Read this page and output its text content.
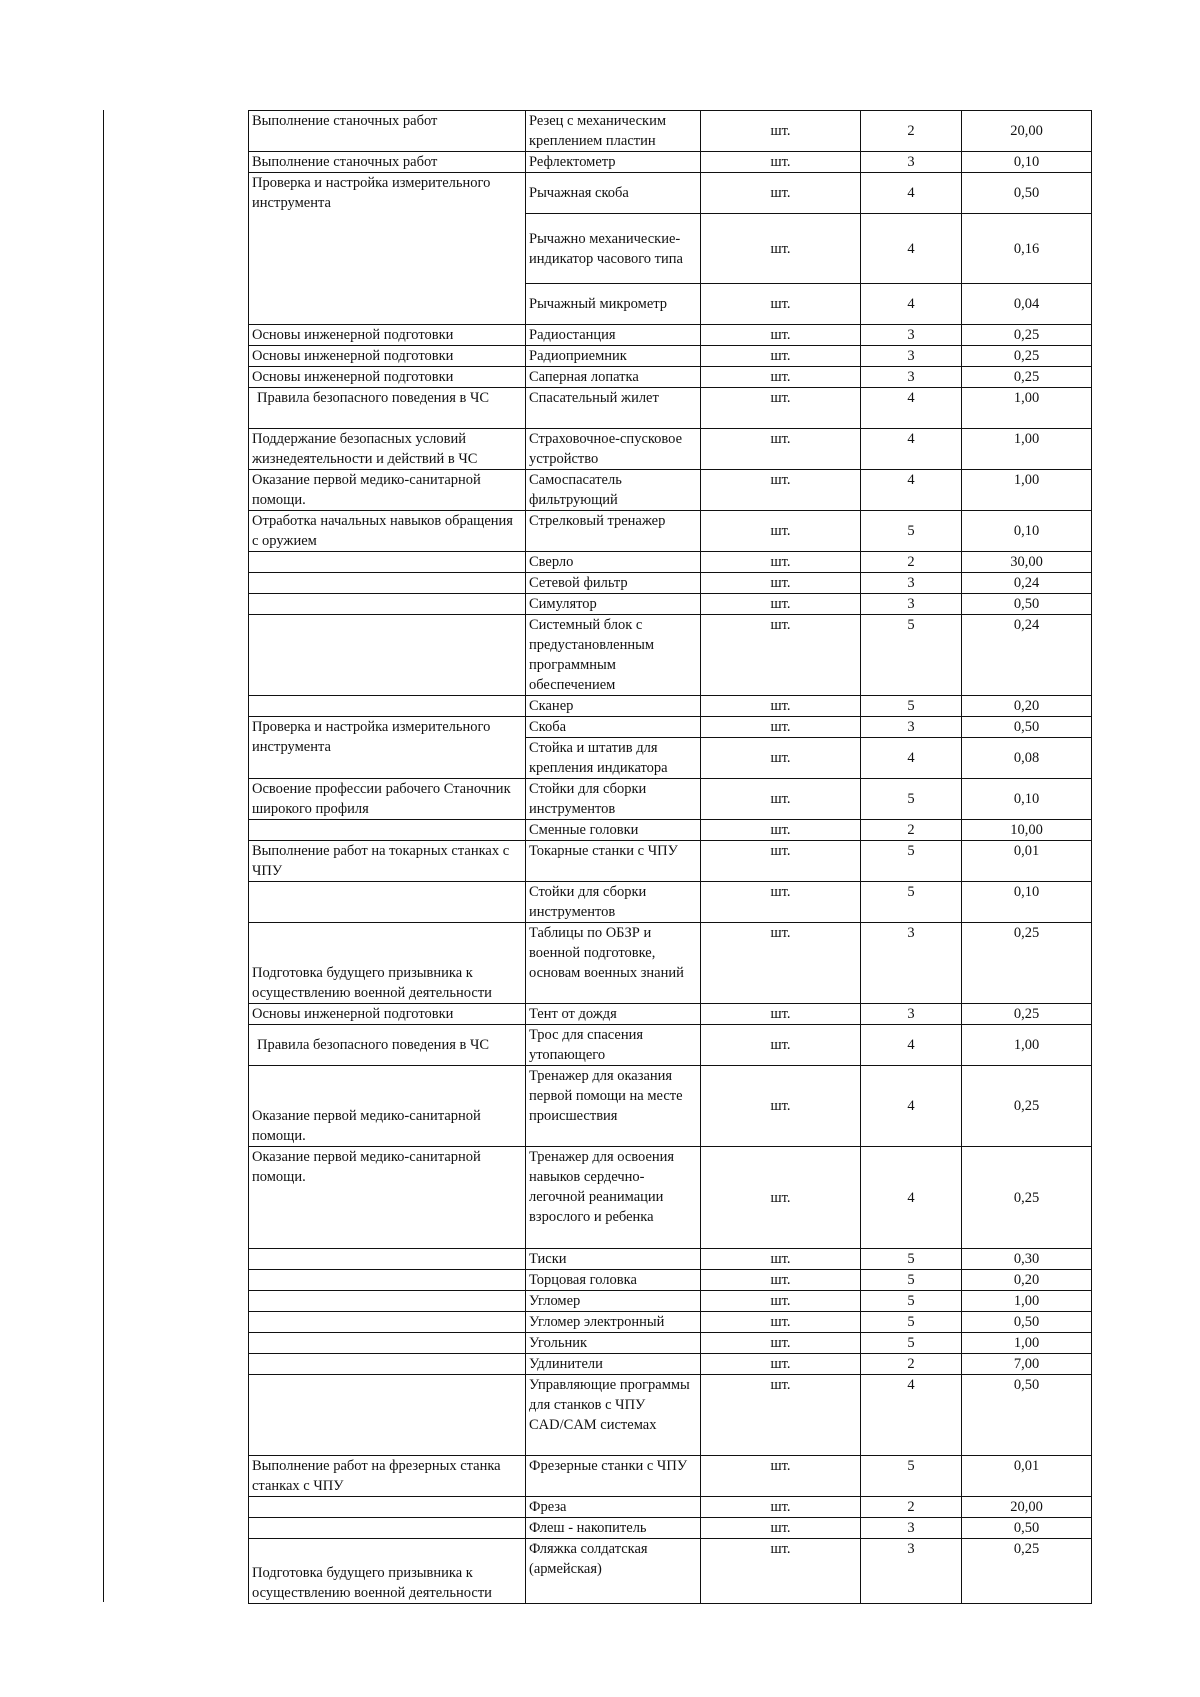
Выполнение станочных работ	Резец с механическим креплением пластин	шт.	2	20,00
Выполнение станочных работ	Рефлектометр	шт.	3	0,10
Проверка и настройка измерительного инструмента	Рычажная скоба	шт.	4	0,50
	Рычажно механические-индикатор часового типа	шт.	4	0,16
	Рычажный микрометр	шт.	4	0,04
Основы инженерной подготовки	Радиостанция	шт.	3	0,25
Основы инженерной подготовки	Радиоприемник	шт.	3	0,25
Основы инженерной подготовки	Саперная лопатка	шт.	3	0,25
Правила безопасного поведения в ЧС	Спасательный жилет	шт.	4	1,00
Поддержание безопасных условий жизнедеятельности и действий в ЧС	Страховочное-спусковое устройство	шт.	4	1,00
Оказание первой медико-санитарной помощи.	Самоспасатель фильтрующий	шт.	4	1,00
Отработка начальных навыков обращения с оружием	Стрелковый тренажер	шт.	5	0,10
	Сверло	шт.	2	30,00
	Сетевой фильтр	шт.	3	0,24
	Симулятор	шт.	3	0,50
	Системный блок с предустановленным программным обеспечением	шт.	5	0,24
	Сканер	шт.	5	0,20
Проверка и настройка измерительного инструмента	Скоба	шт.	3	0,50
	Стойка и штатив для крепления индикатора	шт.	4	0,08
Освоение профессии рабочего Станочник широкого профиля	Стойки для сборки инструментов	шт.	5	0,10
	Сменные головки	шт.	2	10,00
Выполнение работ на токарных станках с ЧПУ	Токарные станки с ЧПУ	шт.	5	0,01
	Стойки для сборки инструментов	шт.	5	0,10
Подготовка будущего призывника к осуществлению военной деятельности	Таблицы по ОБЗР и военной подготовке, основам военных знаний	шт.	3	0,25
Основы инженерной подготовки	Тент от дождя	шт.	3	0,25
Правила безопасного поведения в ЧС	Трос для спасения утопающего	шт.	4	1,00
Оказание первой медико-санитарной помощи.	Тренажер для оказания первой помощи на месте происшествия	шт.	4	0,25
Оказание первой медико-санитарной помощи.	Тренажер для освоения навыков сердечно-легочной реанимации взрослого и ребенка	шт.	4	0,25
	Тиски	шт.	5	0,30
	Торцовая головка	шт.	5	0,20
	Угломер	шт.	5	1,00
	Угломер электронный	шт.	5	0,50
	Угольник	шт.	5	1,00
	Удлинители	шт.	2	7,00
	Управляющие программы для станков с ЧПУ CAD/CAM системах	шт.	4	0,50
Выполнение работ на фрезерных станка станках с ЧПУ	Фрезерные станки с ЧПУ	шт.	5	0,01
	Фреза	шт.	2	20,00
	Флеш - накопитель	шт.	3	0,50
Подготовка будущего призывника к осуществлению военной деятельности	Фляжка солдатская (армейская)	шт.	3	0,25
